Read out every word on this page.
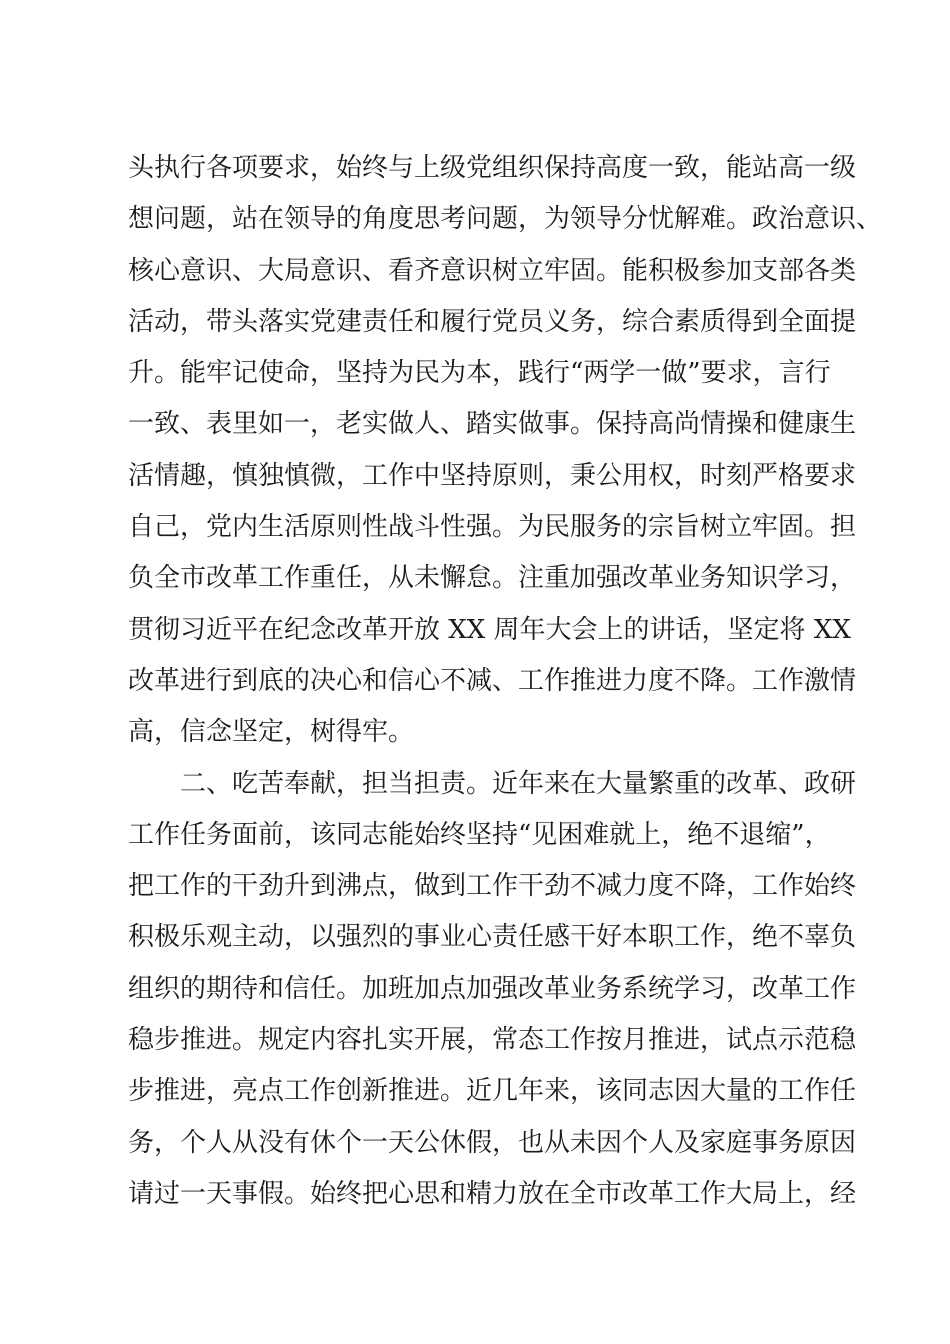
头执行各项要求，始终与上级党组织保持高度一致，能站高一级
想问题，站在领导的角度思考问题，为领导分忧解难。政治意识、
核心意识、大局意识、看齐意识树立牢固。能积极参加支部各类
活动，带头落实党建责任和履行党员义务，综合素质得到全面提
升。能牢记使命，坚持为民为本，践行“两学一做”要求，言行
一致、表里如一，老实做人、踏实做事。保持高尚情操和健康生
活情趣，慎独慎微，工作中坚持原则，秉公用权，时刻严格要求
自己，党内生活原则性战斗性强。为民服务的宗旨树立牢固。担
负全市改革工作重任，从未懈怠。注重加强改革业务知识学习，
贯彻习近平在纪念改革开放 XX 周年大会上的讲话，坚定将 XX
改革进行到底的决心和信心不减、工作推进力度不降。工作激情
高，信念坚定，树得牢。
　　二、吃苦奉献，担当担责。近年来在大量繁重的改革、政研
工作任务面前，该同志能始终坚持“见困难就上，绝不退缩”，
把工作的干劲升到沸点，做到工作干劲不减力度不降，工作始终
积极乐观主动，以强烈的事业心责任感干好本职工作，绝不辜负
组织的期待和信任。加班加点加强改革业务系统学习，改革工作
稳步推进。规定内容扎实开展，常态工作按月推进，试点示范稳
步推进，亮点工作创新推进。近几年来，该同志因大量的工作任
务，个人从没有休个一天公休假，也从未因个人及家庭事务原因
请过一天事假。始终把心思和精力放在全市改革工作大局上，经
